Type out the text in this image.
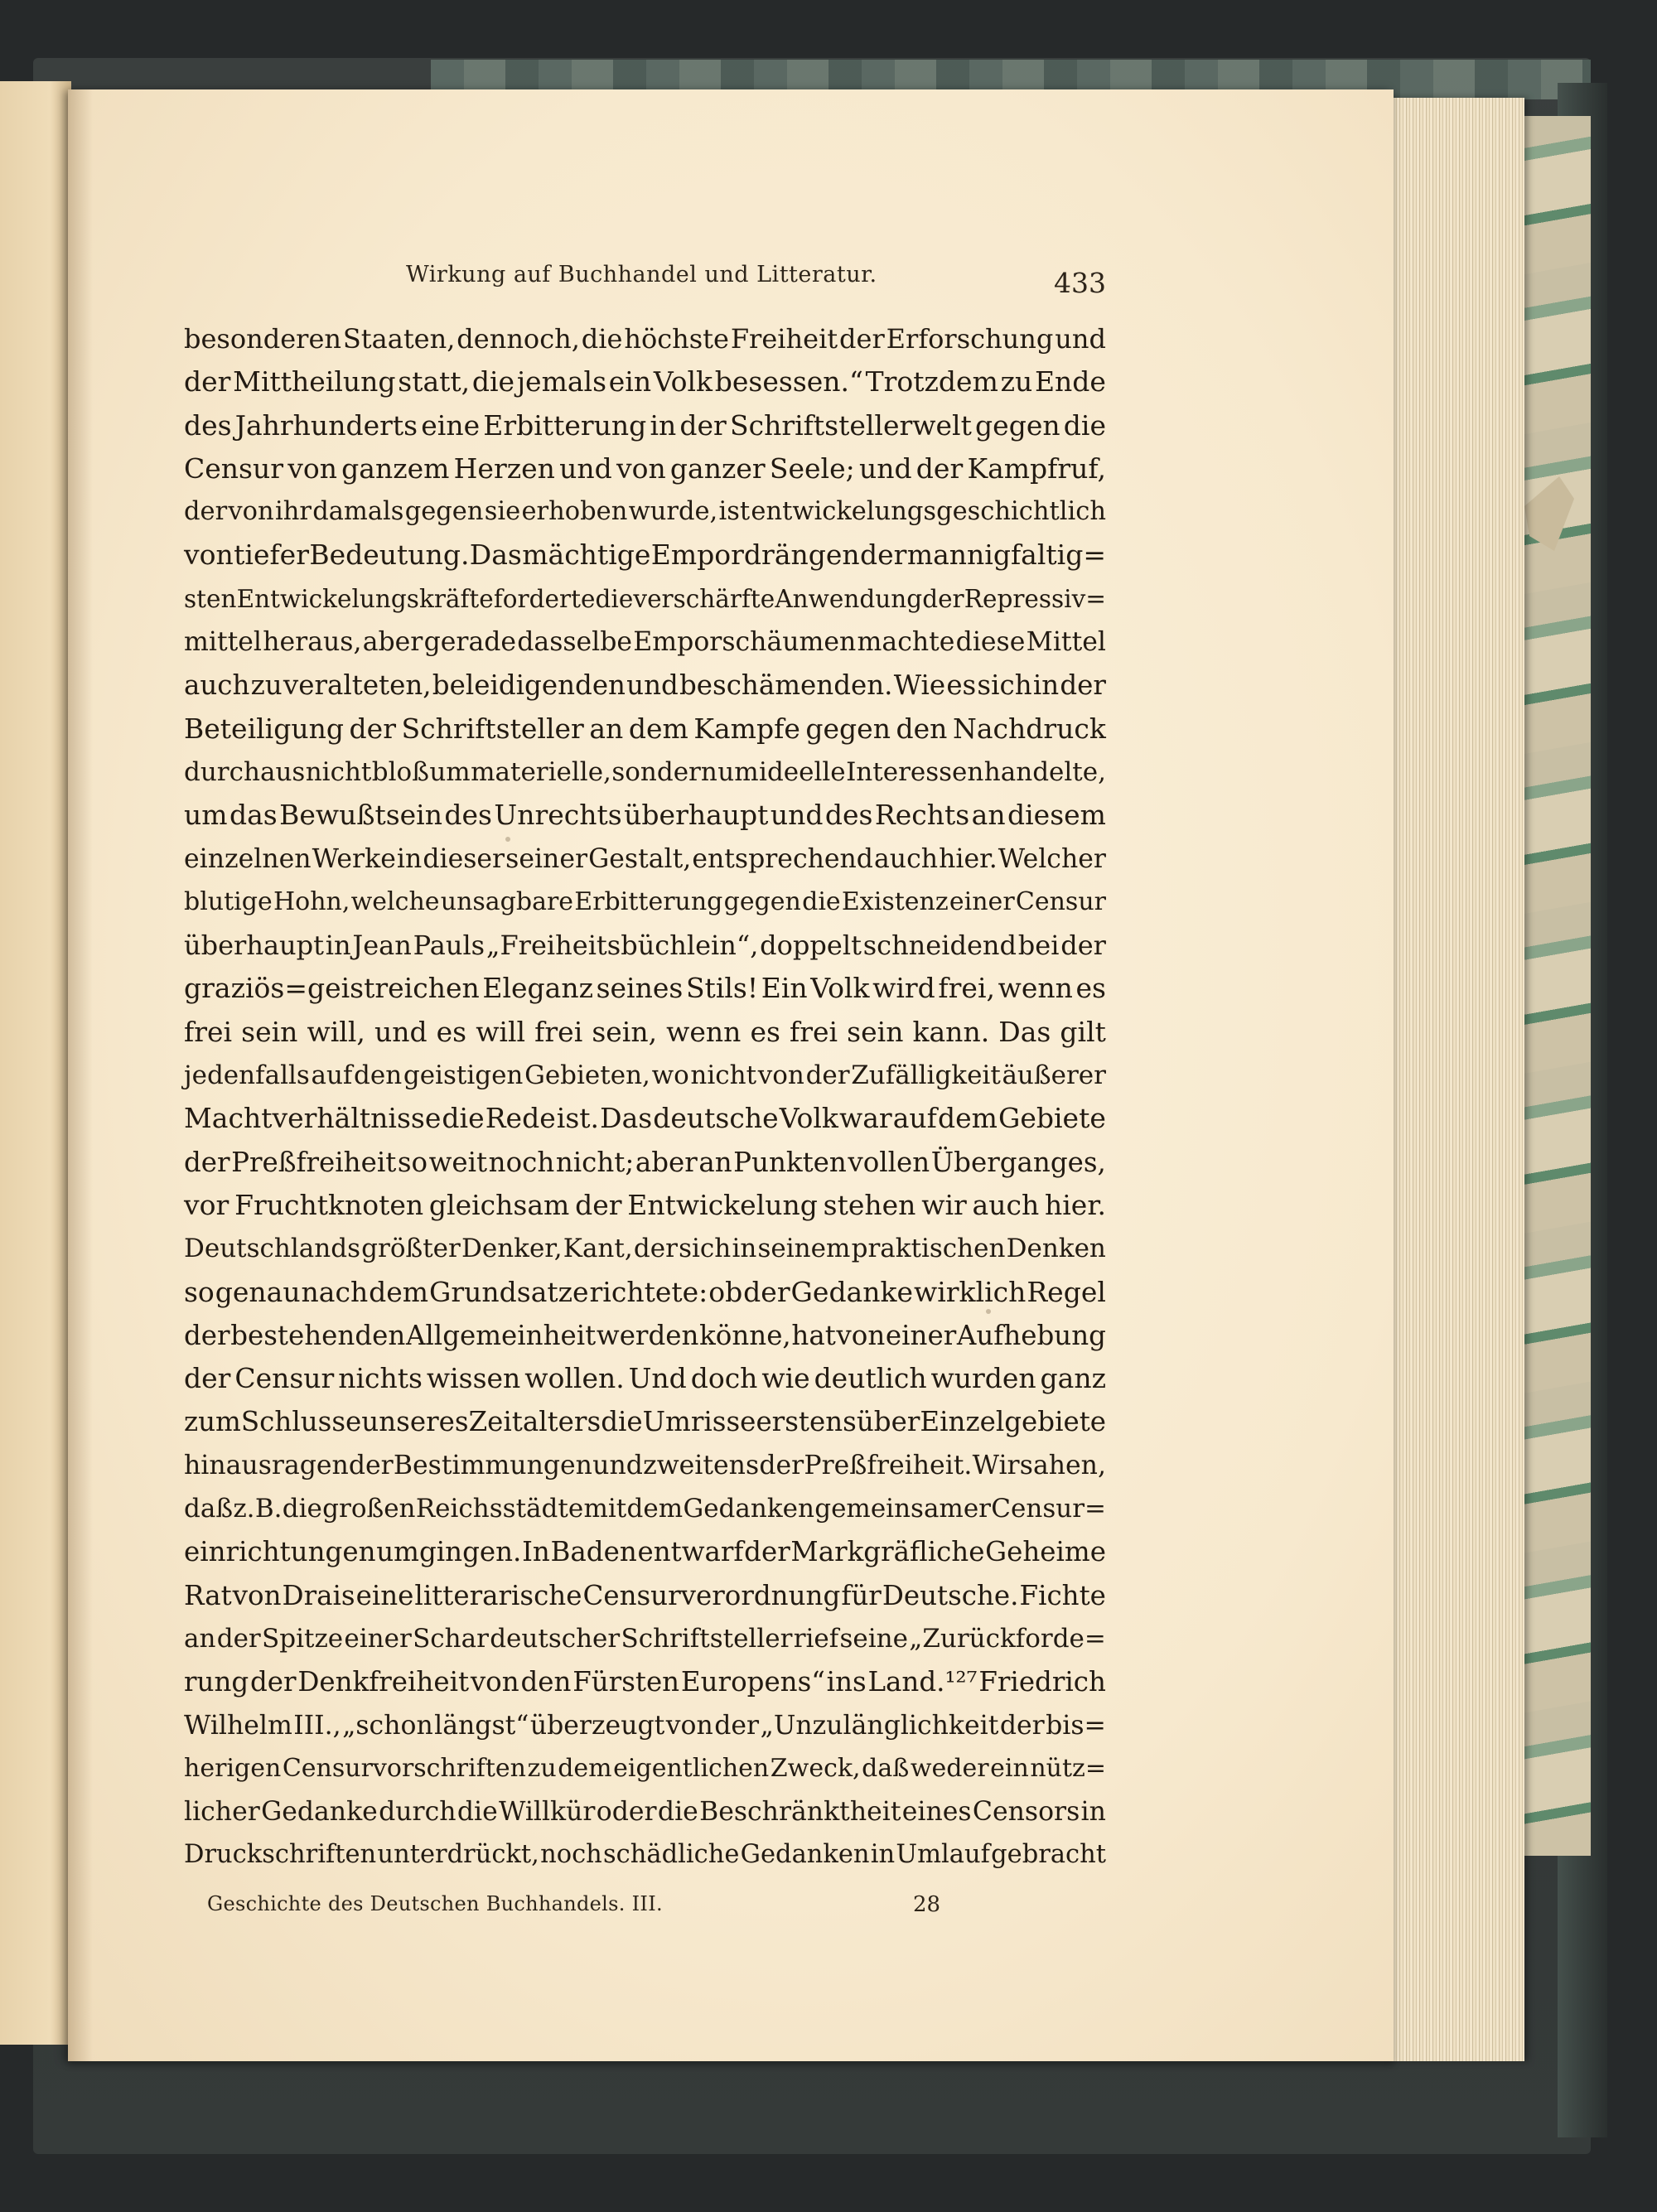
Wirkung auf Buchhandel und Litteratur.	433
besonderen Staaten, dennoch, die höchste Freiheit der Erforschung und
der Mittheilung statt, die jemals ein Volk besessen.“ Trotzdem zu Ende
des Jahrhunderts eine Erbitterung in der Schriftstellerwelt gegen die
Censur von ganzem Herzen und von ganzer Seele; und der Kampfruf,
der von ihr damals gegen sie erhoben wurde, ist entwickelungsgeschichtlich
von tiefer Bedeutung. Das mächtige Empordrängen der mannigfaltig=
sten Entwickelungskräfte forderte die verschärfte Anwendung der Repressiv=
mittel heraus, aber gerade dasselbe Emporschäumen machte diese Mittel
auch zu veralteten, beleidigenden und beschämenden. Wie es sich in der
Beteiligung der Schriftsteller an dem Kampfe gegen den Nachdruck
durchaus nicht bloß um materielle, sondern um ideelle Interessen handelte,
um das Bewußtsein des Unrechts überhaupt und des Rechts an diesem
einzelnen Werke in dieser seiner Gestalt, entsprechend auch hier. Welcher
blutige Hohn, welche unsagbare Erbitterung gegen die Existenz einer Censur
überhaupt in Jean Pauls „Freiheitsbüchlein“, doppelt schneidend bei der
graziös=geistreichen Eleganz seines Stils! Ein Volk wird frei, wenn es
frei sein will, und es will frei sein, wenn es frei sein kann. Das gilt
jedenfalls auf den geistigen Gebieten, wo nicht von der Zufälligkeit äußerer
Machtverhältnisse die Rede ist. Das deutsche Volk war auf dem Gebiete
der Preßfreiheit so weit noch nicht; aber an Punkten vollen Überganges,
vor Fruchtknoten gleichsam der Entwickelung stehen wir auch hier.
Deutschlands größter Denker, Kant, der sich in seinem praktischen Denken
so genau nach dem Grundsatze richtete: ob der Gedanke wirklich Regel
der bestehenden Allgemeinheit werden könne, hat von einer Aufhebung
der Censur nichts wissen wollen. Und doch wie deutlich wurden ganz
zum Schlusse unseres Zeitalters die Umrisse erstens über Einzelgebiete
hinausragender Bestimmungen und zweitens der Preßfreiheit. Wir sahen,
daß z. B. die großen Reichsstädte mit dem Gedanken gemeinsamer Censur=
einrichtungen umgingen. In Baden entwarf der Markgräfliche Geheime
Rat von Drais eine litterarische Censurverordnung für Deutsche. Fichte
an der Spitze einer Schar deutscher Schriftsteller rief seine „Zurückforde=
rung der Denkfreiheit von den Fürsten Europens“ ins Land.¹²⁷ Friedrich
Wilhelm III., „schon längst“ überzeugt von der „Unzulänglichkeit der bis=
herigen Censurvorschriften zu dem eigentlichen Zweck, daß weder ein nütz=
licher Gedanke durch die Willkür oder die Beschränktheit eines Censors in
Druckschriften unterdrückt, noch schädliche Gedanken in Umlauf gebracht
Geschichte des Deutschen Buchhandels. III.	28
